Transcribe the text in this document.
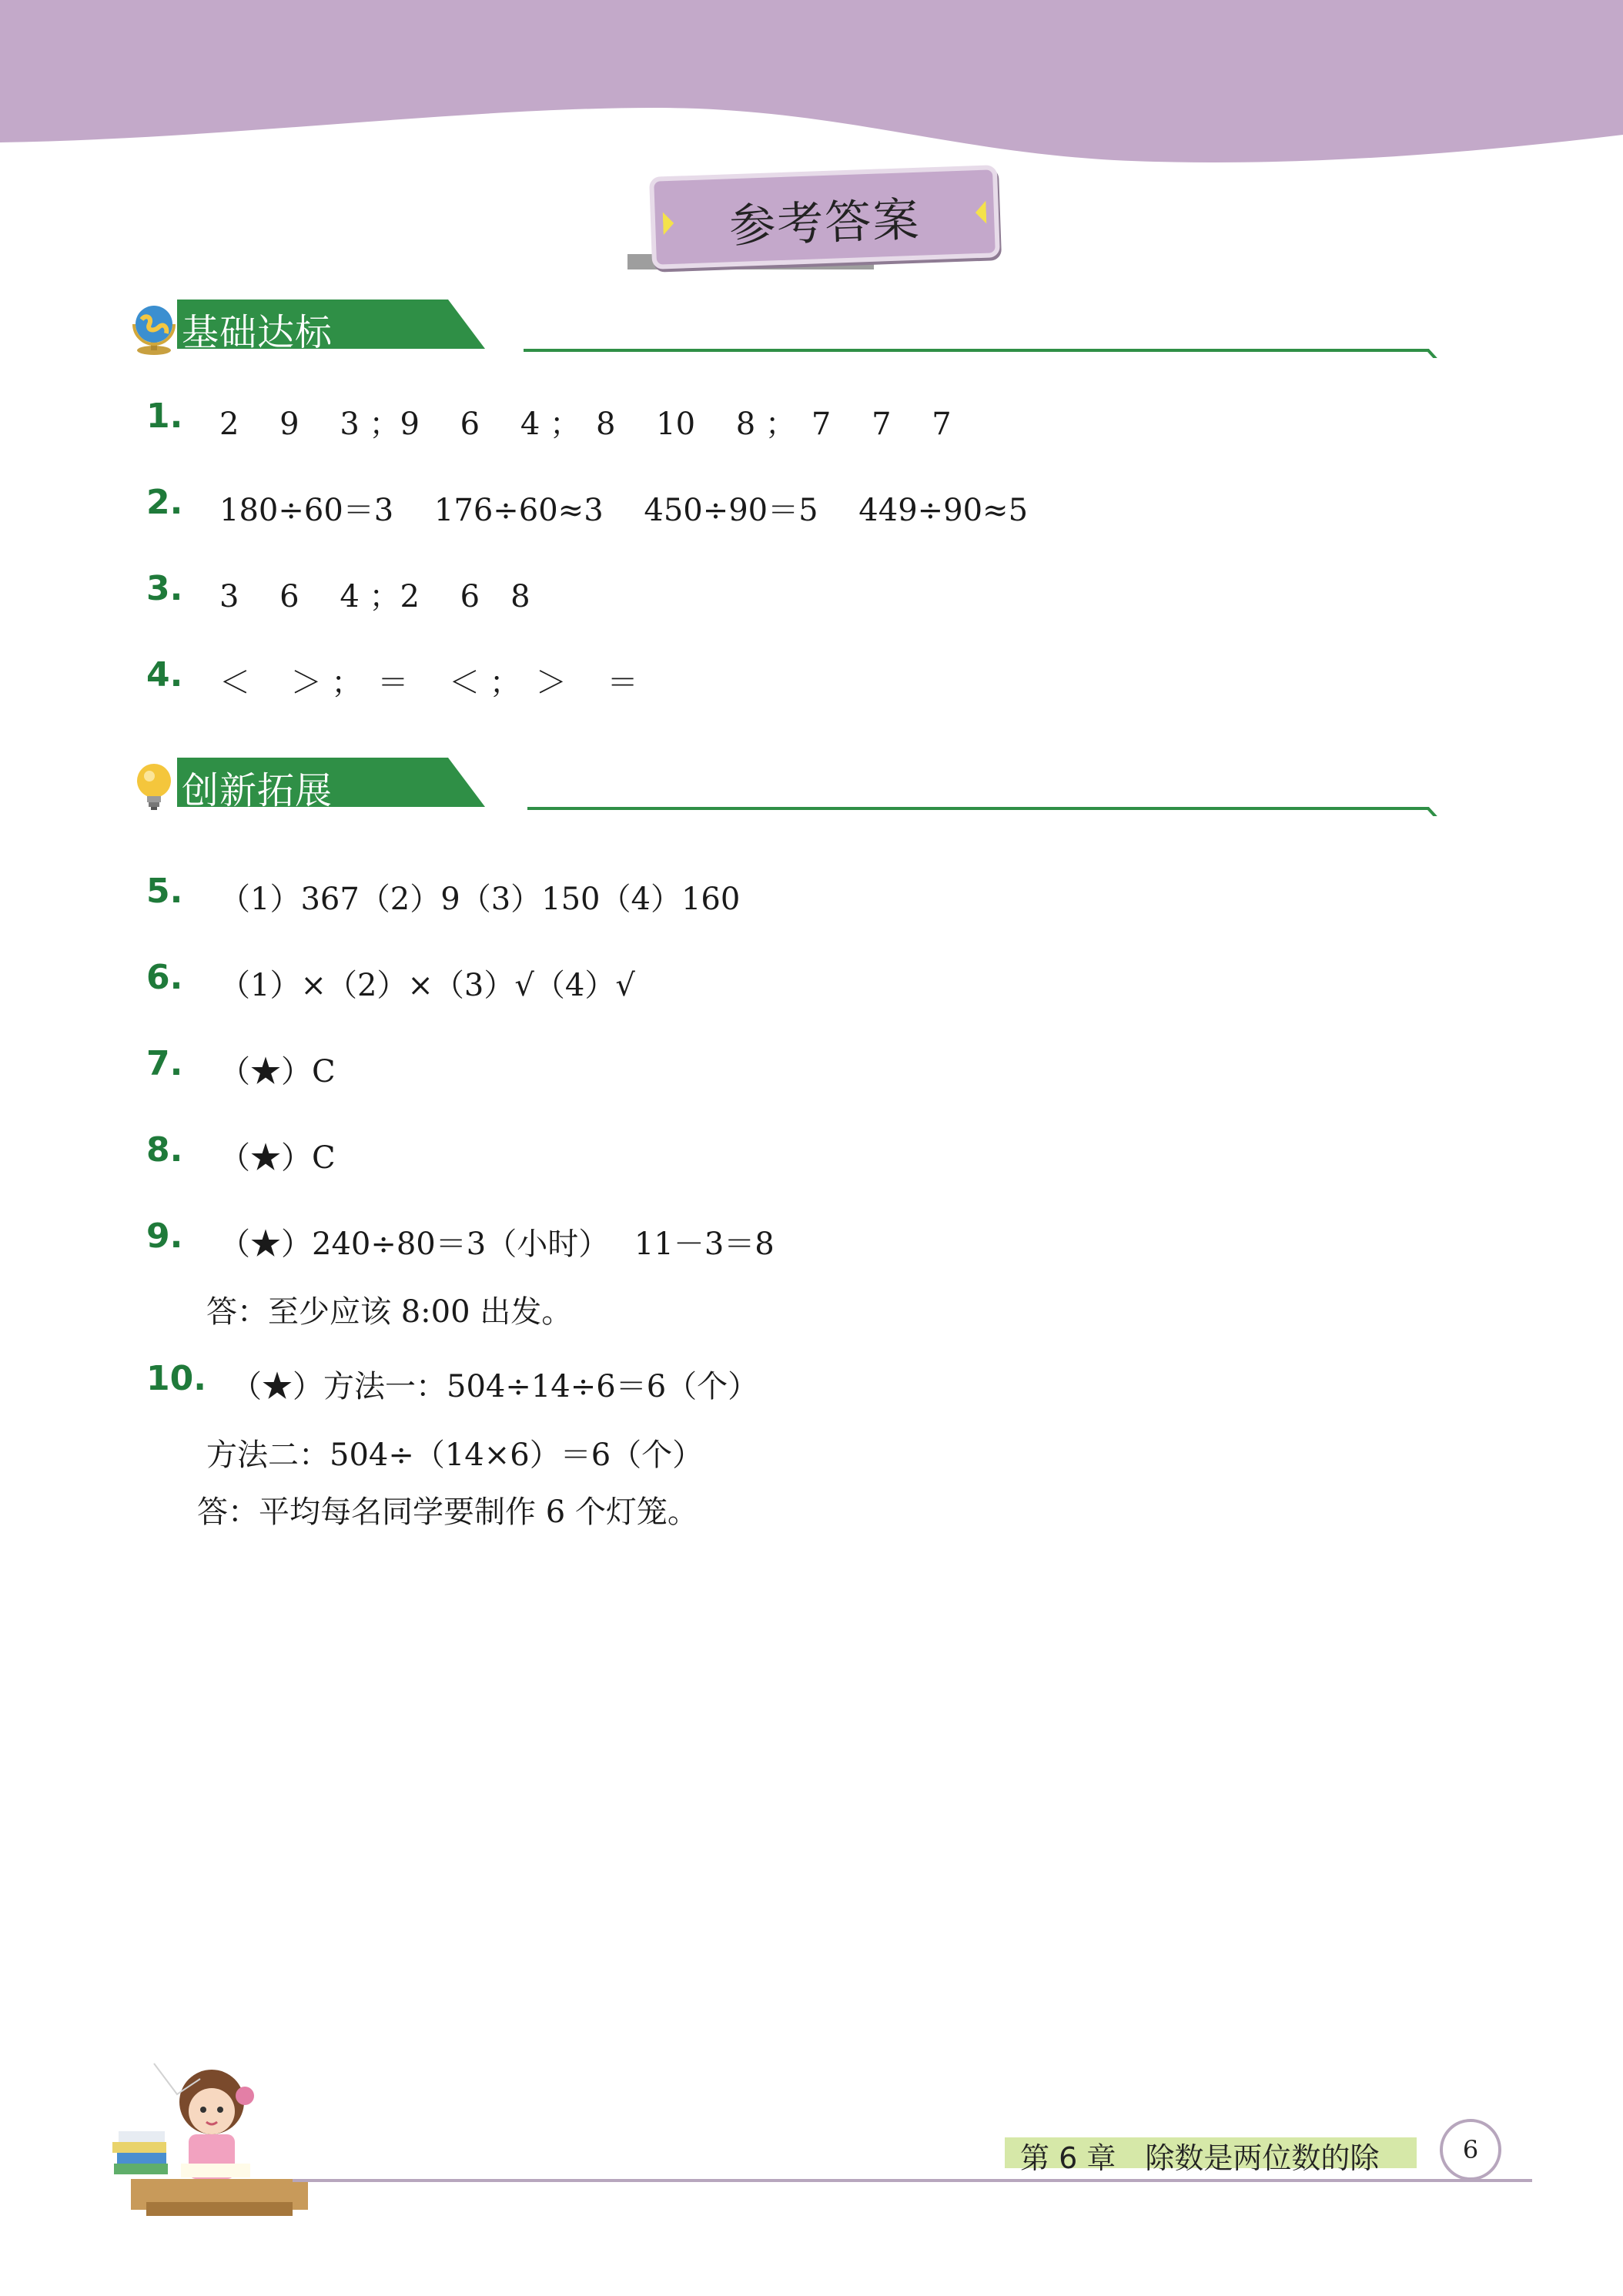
参考答案
基础达标

1.

2　 9　 3 ；9　 6　 4 ；　8　 10　 8 ；　7　 7　 7

2.

180÷60＝3　 176÷60≈3　 450÷90＝5　 449÷90≈5

3.

3　 6　 4 ；2　 6　8

4.

＜　 ＞ ；　＝　 ＜ ；　＞　 ＝

创新拓展

5.

（1）367（2）9（3）150（4）160

6.

（1）×（2）×（3）√（4）√

7.

（★）C

8.

（★）C

9.

（★）240÷80＝3（小时）　 11－3＝8

答：至少应该 8:00 出发。

10.

（★）方法一：504÷14÷6＝6（个）

方法二：504÷（14×6）＝6（个）
答：平均每名同学要制作 6 个灯笼。
第 6 章　除数是两位数的除	6
